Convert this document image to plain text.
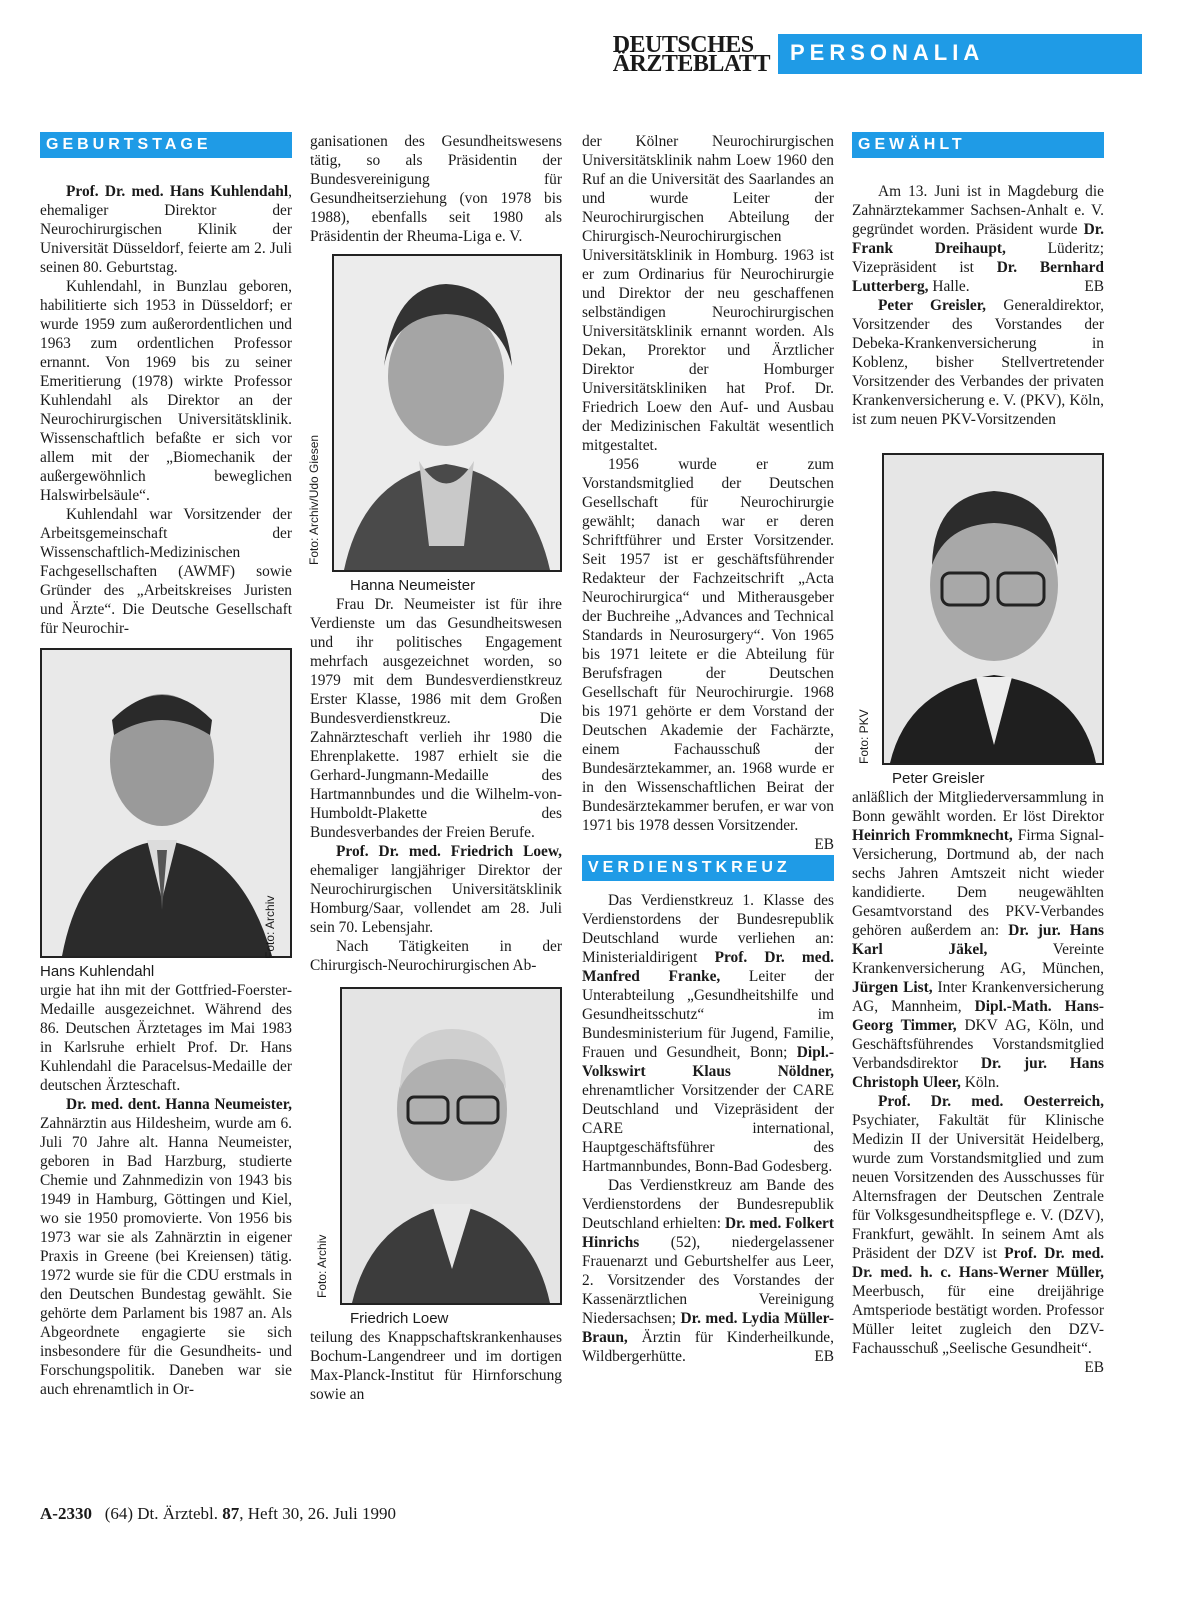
DEUTSCHES
ÄRZTEBLATT PERSONALIA
GEBURTSTAGE

Prof. Dr. med. Hans Kuhlendahl, ehemaliger Direktor der Neurochirurgischen Klinik der Universität Düsseldorf, feierte am 2. Juli seinen 80. Geburtstag.

Kuhlendahl, in Bunzlau geboren, habilitierte sich 1953 in Düsseldorf; er wurde 1959 zum außerordentlichen und 1963 zum ordentlichen Professor ernannt. Von 1969 bis zu seiner Emeritierung (1978) wirkte Professor Kuhlendahl als Direktor an der Neurochirurgischen Universitätsklinik. Wissenschaftlich befaßte er sich vor allem mit der „Biomechanik der außergewöhnlich beweglichen Halswirbelsäule“.

Kuhlendahl war Vorsitzender der Arbeitsgemeinschaft der Wissenschaftlich-Medizinischen Fachgesellschaften (AWMF) sowie Gründer des „Arbeitskreises Juristen und Ärzte“. Die Deutsche Gesellschaft für Neurochir-

Foto: Archiv

Hans Kuhlendahl

urgie hat ihn mit der Gottfried-Foerster-Medaille ausgezeichnet. Während des 86. Deutschen Ärztetages im Mai 1983 in Karlsruhe erhielt Prof. Dr. Hans Kuhlendahl die Paracelsus-Medaille der deutschen Ärzteschaft.

Dr. med. dent. Hanna Neumeister, Zahnärztin aus Hildesheim, wurde am 6. Juli 70 Jahre alt. Hanna Neumeister, geboren in Bad Harzburg, studierte Chemie und Zahnmedizin von 1943 bis 1949 in Hamburg, Göttingen und Kiel, wo sie 1950 promovierte. Von 1956 bis 1973 war sie als Zahnärztin in eigener Praxis in Greene (bei Kreiensen) tätig. 1972 wurde sie für die CDU erstmals in den Deutschen Bundestag gewählt. Sie gehörte dem Parlament bis 1987 an. Als Abgeordnete engagierte sie sich insbesondere für die Gesundheits- und Forschungspolitik. Daneben war sie auch ehrenamtlich in Or-

ganisationen des Gesundheitswesens tätig, so als Präsidentin der Bundesvereinigung für Gesundheitserziehung (von 1978 bis 1988), ebenfalls seit 1980 als Präsidentin der Rheuma-Liga e. V.

Foto: Archiv/Udo Giesen

Hanna Neumeister

Frau Dr. Neumeister ist für ihre Verdienste um das Gesundheitswesen und ihr politisches Engagement mehrfach ausgezeichnet worden, so 1979 mit dem Bundesverdienstkreuz Erster Klasse, 1986 mit dem Großen Bundesverdienstkreuz. Die Zahnärzteschaft verlieh ihr 1980 die Ehrenplakette. 1987 erhielt sie die Gerhard-Jungmann-Medaille des Hartmannbundes und die Wilhelm-von-Humboldt-Plakette des Bundesverbandes der Freien Berufe.

Prof. Dr. med. Friedrich Loew, ehemaliger langjähriger Direktor der Neurochirurgischen Universitätsklinik Homburg/Saar, vollendet am 28. Juli sein 70. Lebensjahr.

Nach Tätigkeiten in der Chirurgisch-Neurochirurgischen Ab-

Foto: Archiv

Friedrich Loew

teilung des Knappschaftskrankenhauses Bochum-Langendreer und im dortigen Max-Planck-Institut für Hirnforschung sowie an

der Kölner Neurochirurgischen Universitätsklinik nahm Loew 1960 den Ruf an die Universität des Saarlandes an und wurde Leiter der Neurochirurgischen Abteilung der Chirurgisch-Neurochirurgischen Universitätsklinik in Homburg. 1963 ist er zum Ordinarius für Neurochirurgie und Direktor der neu geschaffenen selbständigen Neurochirurgischen Universitätsklinik ernannt worden. Als Dekan, Prorektor und Ärztlicher Direktor der Homburger Universitätskliniken hat Prof. Dr. Friedrich Loew den Auf- und Ausbau der Medizinischen Fakultät wesentlich mitgestaltet.

1956 wurde er zum Vorstandsmitglied der Deutschen Gesellschaft für Neurochirurgie gewählt; danach war er deren Schriftführer und Erster Vorsitzender. Seit 1957 ist er geschäftsführender Redakteur der Fachzeitschrift „Acta Neurochirurgica“ und Mitherausgeber der Buchreihe „Advances and Technical Standards in Neurosurgery“. Von 1965 bis 1971 leitete er die Abteilung für Berufsfragen der Deutschen Gesellschaft für Neurochirurgie. 1968 bis 1971 gehörte er dem Vorstand der Deutschen Akademie der Fachärzte, einem Fachausschuß der Bundesärztekammer, an. 1968 wurde er in den Wissenschaftlichen Beirat der Bundesärztekammer berufen, er war von 1971 bis 1978 dessen Vorsitzender.
EB

VERDIENSTKREUZ

Das Verdienstkreuz 1. Klasse des Verdienstordens der Bundesrepublik Deutschland wurde verliehen an: Ministerialdirigent Prof. Dr. med. Manfred Franke, Leiter der Unterabteilung „Gesundheitshilfe und Gesundheitsschutz“ im Bundesministerium für Jugend, Familie, Frauen und Gesundheit, Bonn; Dipl.-Volkswirt Klaus Nöldner, ehrenamtlicher Vorsitzender der CARE Deutschland und Vizepräsident der CARE international, Hauptgeschäftsführer des Hartmannbundes, Bonn-Bad Godesberg.

Das Verdienstkreuz am Bande des Verdienstordens der Bundesrepublik Deutschland erhielten: Dr. med. Folkert Hinrichs (52), niedergelassener Frauenarzt und Geburtshelfer aus Leer, 2. Vorsitzender des Vorstandes der Kassenärztlichen Vereinigung Niedersachsen; Dr. med. Lydia Müller-Braun, Ärztin für Kinderheilkunde, Wildbergerhütte.	EB

GEWÄHLT

Am 13. Juni ist in Magdeburg die Zahnärztekammer Sachsen-Anhalt e. V. gegründet worden. Präsident wurde Dr. Frank Dreihaupt, Lüderitz; Vizepräsident ist Dr. Bernhard Lutterberg, Halle.	EB

Peter Greisler, Generaldirektor, Vorsitzender des Vorstandes der Debeka-Krankenversicherung in Koblenz, bisher Stellvertretender Vorsitzender des Verbandes der privaten Krankenversicherung e. V. (PKV), Köln, ist zum neuen PKV-Vorsitzenden

Foto: PKV

Peter Greisler

anläßlich der Mitgliederversammlung in Bonn gewählt worden. Er löst Direktor Heinrich Frommknecht, Firma Signal-Versicherung, Dortmund ab, der nach sechs Jahren Amtszeit nicht wieder kandidierte. Dem neugewählten Gesamtvorstand des PKV-Verbandes gehören außerdem an: Dr. jur. Hans Karl Jäkel, Vereinte Krankenversicherung AG, München, Jürgen List, Inter Krankenversicherung AG, Mannheim, Dipl.-Math. Hans-Georg Timmer, DKV AG, Köln, und Geschäftsführendes Vorstandsmitglied Verbandsdirektor Dr. jur. Hans Christoph Uleer, Köln.

Prof. Dr. med. Oesterreich, Psychiater, Fakultät für Klinische Medizin II der Universität Heidelberg, wurde zum Vorstandsmitglied und zum neuen Vorsitzenden des Ausschusses für Alternsfragen der Deutschen Zentrale für Volksgesundheitspflege e. V. (DZV), Frankfurt, gewählt. In seinem Amt als Präsident der DZV ist Prof. Dr. med. Dr. med. h. c. Hans-Werner Müller, Meerbusch, für eine dreijährige Amtsperiode bestätigt worden. Professor Müller leitet zugleich den DZV-Fachausschuß „Seelische Gesundheit“.
EB

A-2330 (64) Dt. Ärztebl. 87, Heft 30, 26. Juli 1990
